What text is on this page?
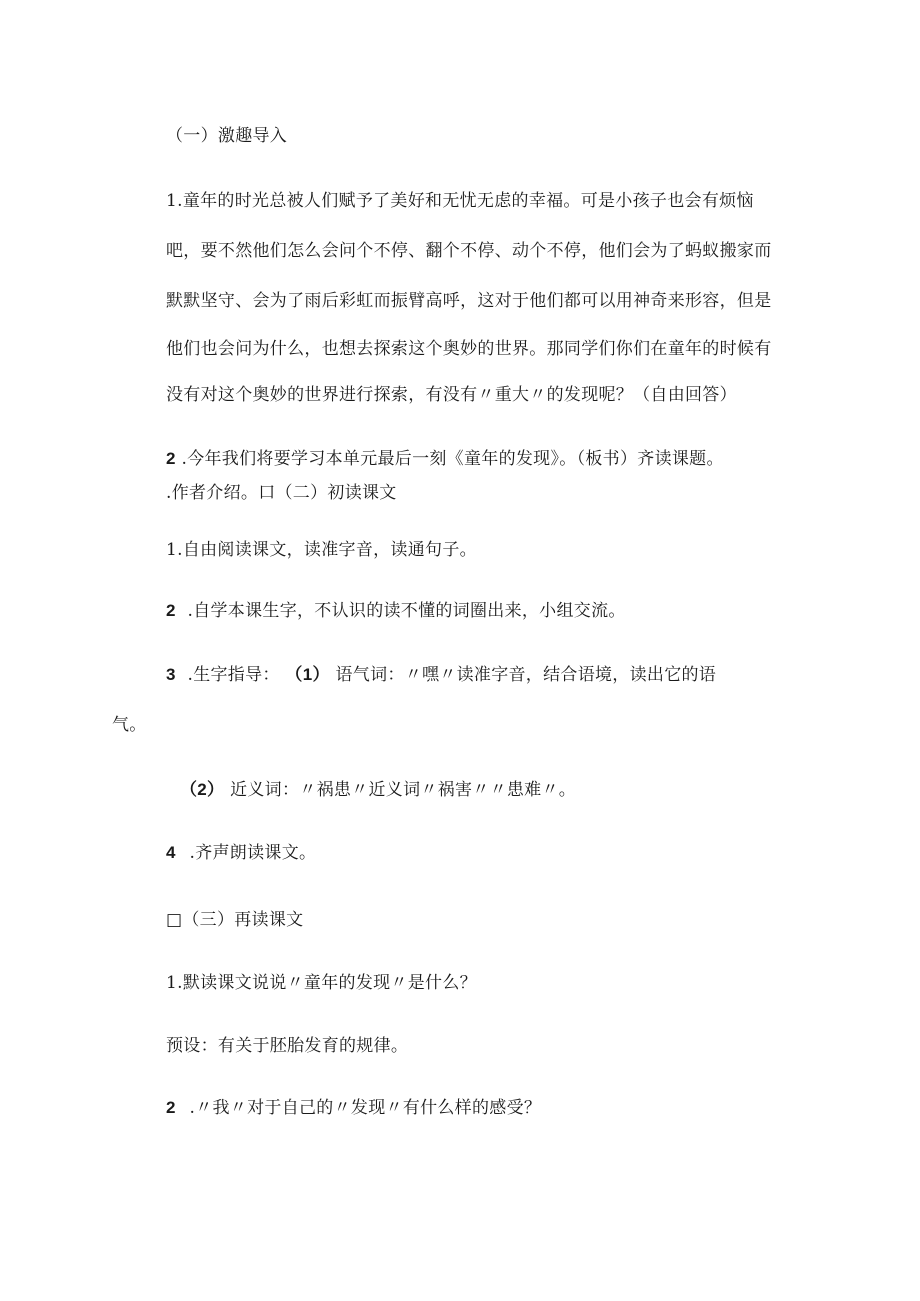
（一）激趣导入
1.童年的时光总被人们赋予了美好和无忧无虑的幸福。可是小孩子也会有烦恼
吧，要不然他们怎么会问个不停、翻个不停、动个不停，他们会为了蚂蚁搬家而
默默坚守、会为了雨后彩虹而振臂高呼，这对于他们都可以用神奇来形容，但是
他们也会问为什么，也想去探索这个奥妙的世界。那同学们你们在童年的时候有
没有对这个奥妙的世界进行探索，有没有〃重大〃的发现呢？（自由回答）
2 .今年我们将要学习本单元最后一刻《童年的发现》。（板书）齐读课题。
.作者介绍。口（二）初读课文
1.自由阅读课文，读准字音，读通句子。
2 .自学本课生字，不认识的读不懂的词圈出来，小组交流。
3 .生字指导： （1） 语气词：〃嘿〃读准字音，结合语境，读出它的语
气。
（2） 近义词：〃祸患〃近义词〃祸害〃〃患难〃。
4 .齐声朗读课文。
□（三）再读课文
1.默读课文说说〃童年的发现〃是什么？
预设：有关于胚胎发育的规律。
2 .〃我〃对于自己的〃发现〃有什么样的感受？
